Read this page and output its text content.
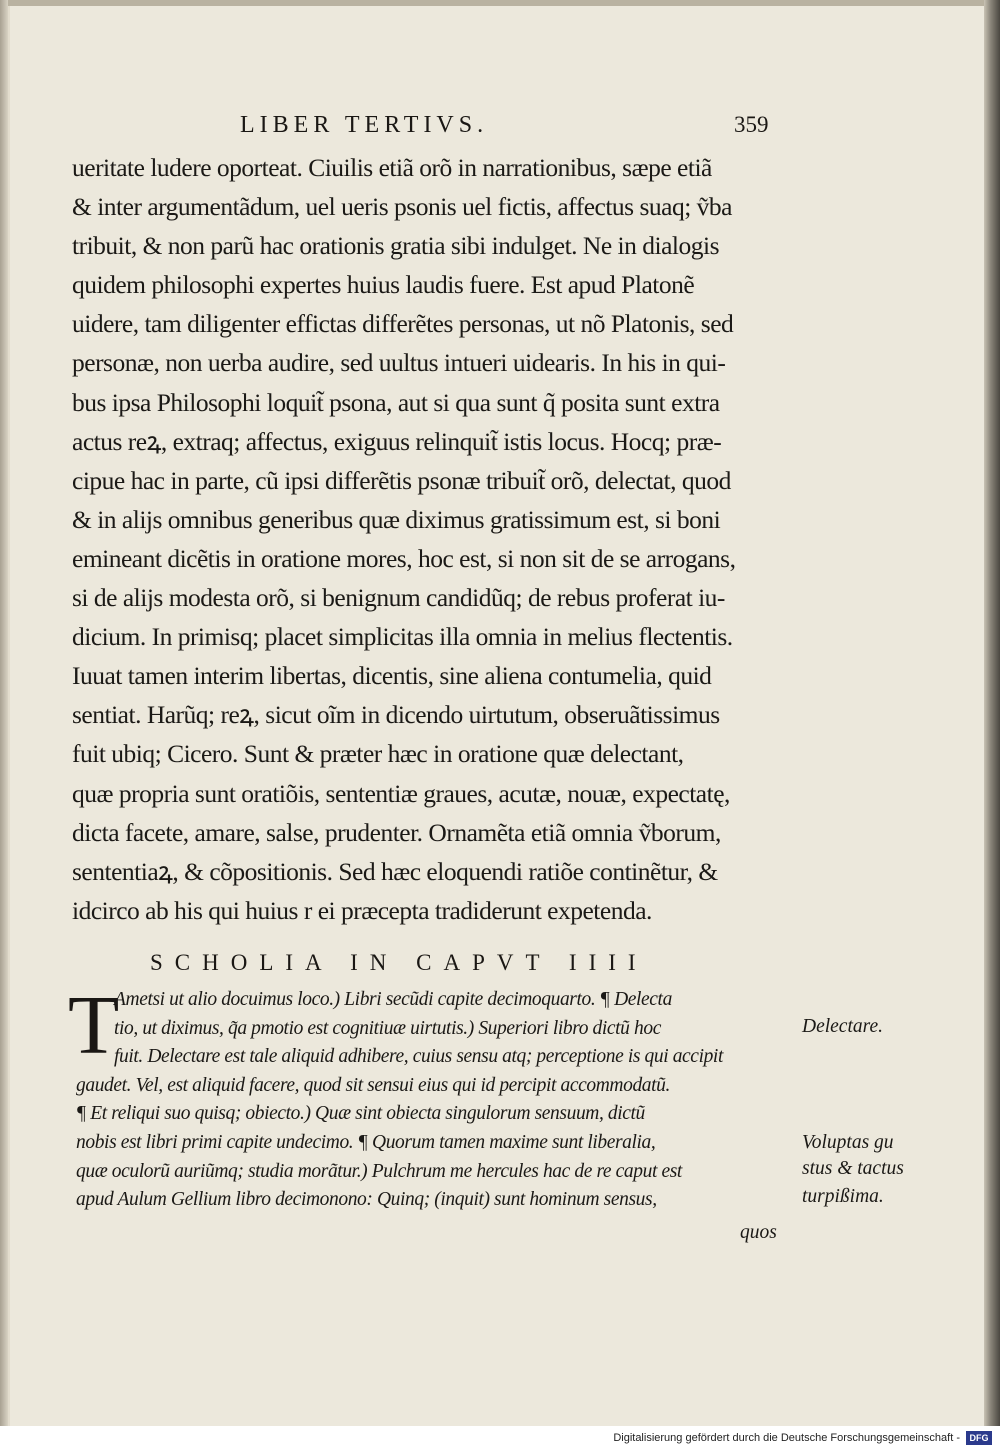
LIBER TERTIVS.	359

ueritate ludere oporteat. Ciuilis etiã orõ in narrationibus, sæpe etiã
& inter argumentãdum, uel ueris psonis uel fictis, affectus suaq; ṽba
tribuit, & non parũ hac orationis gratia sibi indulget. Ne in dialogis
quidem philosophi expertes huius laudis fuere. Est apud Platonẽ
uidere, tam diligenter effictas differẽtes personas, ut nõ Platonis, sed
personæ, non uerba audire, sed uultus intueri uidearis. In his in qui-
bus ipsa Philosophi loquit̃ psona, aut si qua sunt q̃ posita sunt extra
actus reꝝ, extraq; affectus, exiguus relinquit̃ istis locus. Hocq; præ-
cipue hac in parte, cũ ipsi differẽtis psonæ tribuit̃ orõ, delectat, quod
& in alijs omnibus generibus quæ diximus gratissimum est, si boni
emineant dicẽtis in oratione mores, hoc est, si non sit de se arrogans,
si de alijs modesta orõ, si benignum candidũq; de rebus proferat iu-
dicium. In primisq; placet simplicitas illa omnia in melius flectentis.
Iuuat tamen interim libertas, dicentis, sine aliena contumelia, quid
sentiat. Harũq; reꝝ, sicut oĩm in dicendo uirtutum, obseruãtissimus
fuit ubiq; Cicero. Sunt & præter hæc in oratione quæ delectant,
quæ propria sunt oratiõis, sententiæ graues, acutæ, nouæ, expectatę,
dicta facete, amare, salse, prudenter. Ornamẽta etiã omnia ṽborum,
sententiaꝝ, & cõpositionis. Sed hæc eloquendi ratiõe continẽtur, &
idcirco ab his qui huius r ei præcepta tradiderunt expetenda.
SCHOLIA IN CAPVT IIII
T
Ametsi ut alio docuimus loco.) Libri secũdi capite decimoquarto. ¶ Delecta
tio, ut diximus, q̃a pmotio est cognitiuæ uirtutis.) Superiori libro dictũ hoc
fuit. Delectare est tale aliquid adhibere, cuius sensu atq; perceptione is qui accipit
gaudet. Vel, est aliquid facere, quod sit sensui eius qui id percipit accommodatũ.
¶ Et reliqui suo quisq; obiecto.) Quæ sint obiecta singulorum sensuum, dictũ
nobis est libri primi capite undecimo. ¶ Quorum tamen maxime sunt liberalia,
quæ oculorũ auriũmq; studia morãtur.) Pulchrum me hercules hac de re caput est
apud Aulum Gellium libro decimonono: Quinq; (inquit) sunt hominum sensus,
Delectare.
Voluptas gu
stus & tactus
turpißima.
quos
Digitalisierung gefördert durch die Deutsche Forschungsgemeinschaft -	DFG
